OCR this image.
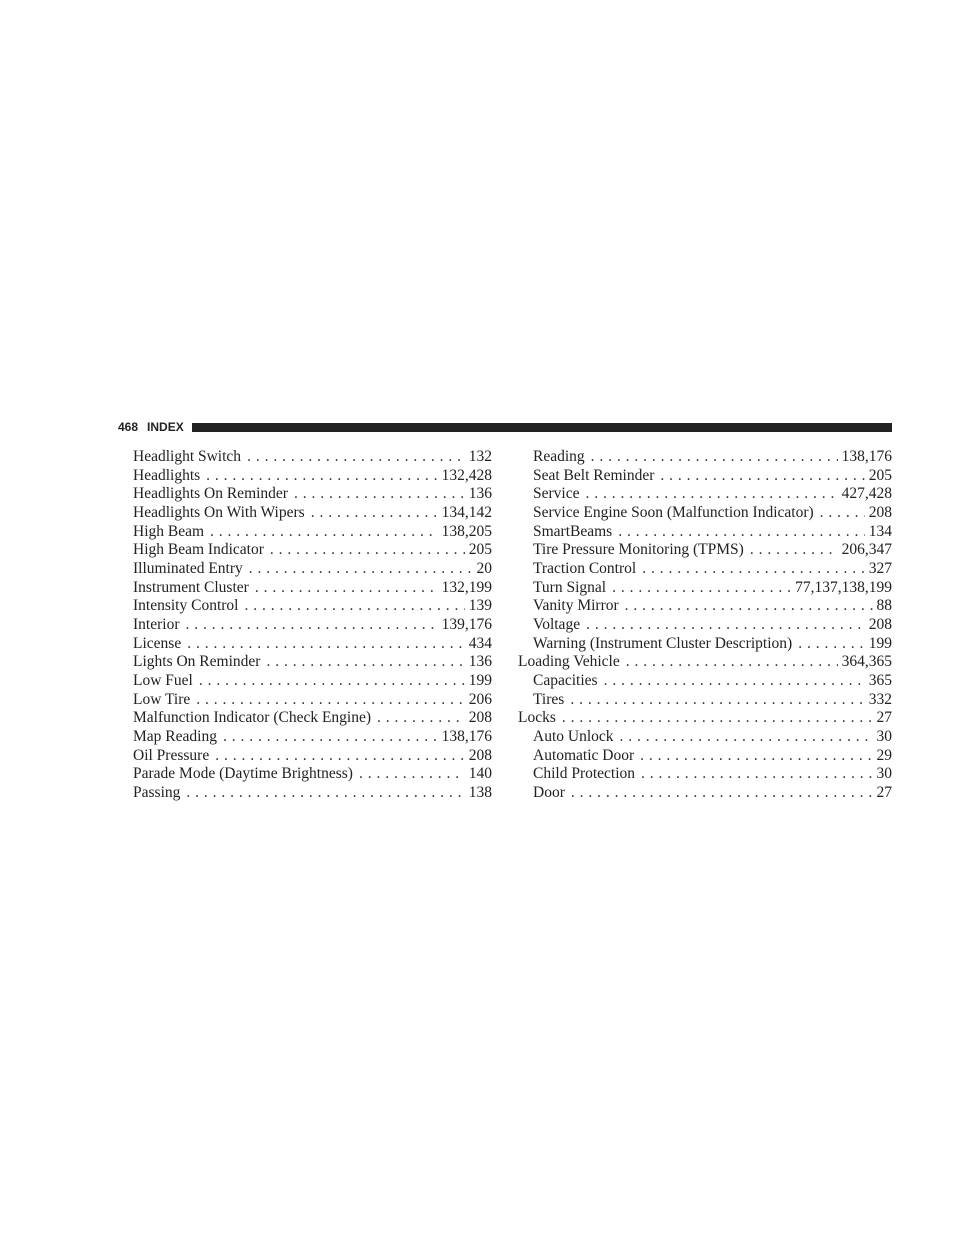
468 INDEX
Headlight Switch . . .	132
Headlights . . .	132,428
Headlights On Reminder . . .	136
Headlights On With Wipers . . .	134,142
High Beam . . .	138,205
High Beam Indicator . . .	205
Illuminated Entry . . .	20
Instrument Cluster . . .	132,199
Intensity Control . . .	139
Interior . . .	139,176
License . . .	434
Lights On Reminder . . .	136
Low Fuel . . .	199
Low Tire . . .	206
Malfunction Indicator (Check Engine) . . .	208
Map Reading . . .	138,176
Oil Pressure . . .	208
Parade Mode (Daytime Brightness) . . .	140
Passing . . .	138
Reading . . .	138,176
Seat Belt Reminder . . .	205
Service . . .	427,428
Service Engine Soon (Malfunction Indicator) . . .	208
SmartBeams . . .	134
Tire Pressure Monitoring (TPMS) . . .	206,347
Traction Control . . .	327
Turn Signal . . .	77,137,138,199
Vanity Mirror . . .	88
Voltage . . .	208
Warning (Instrument Cluster Description) . . .	199
Loading Vehicle . . .	364,365
Capacities . . .	365
Tires . . .	332
Locks . . .	27
Auto Unlock . . .	30
Automatic Door . . .	29
Child Protection . . .	30
Door . . .	27
